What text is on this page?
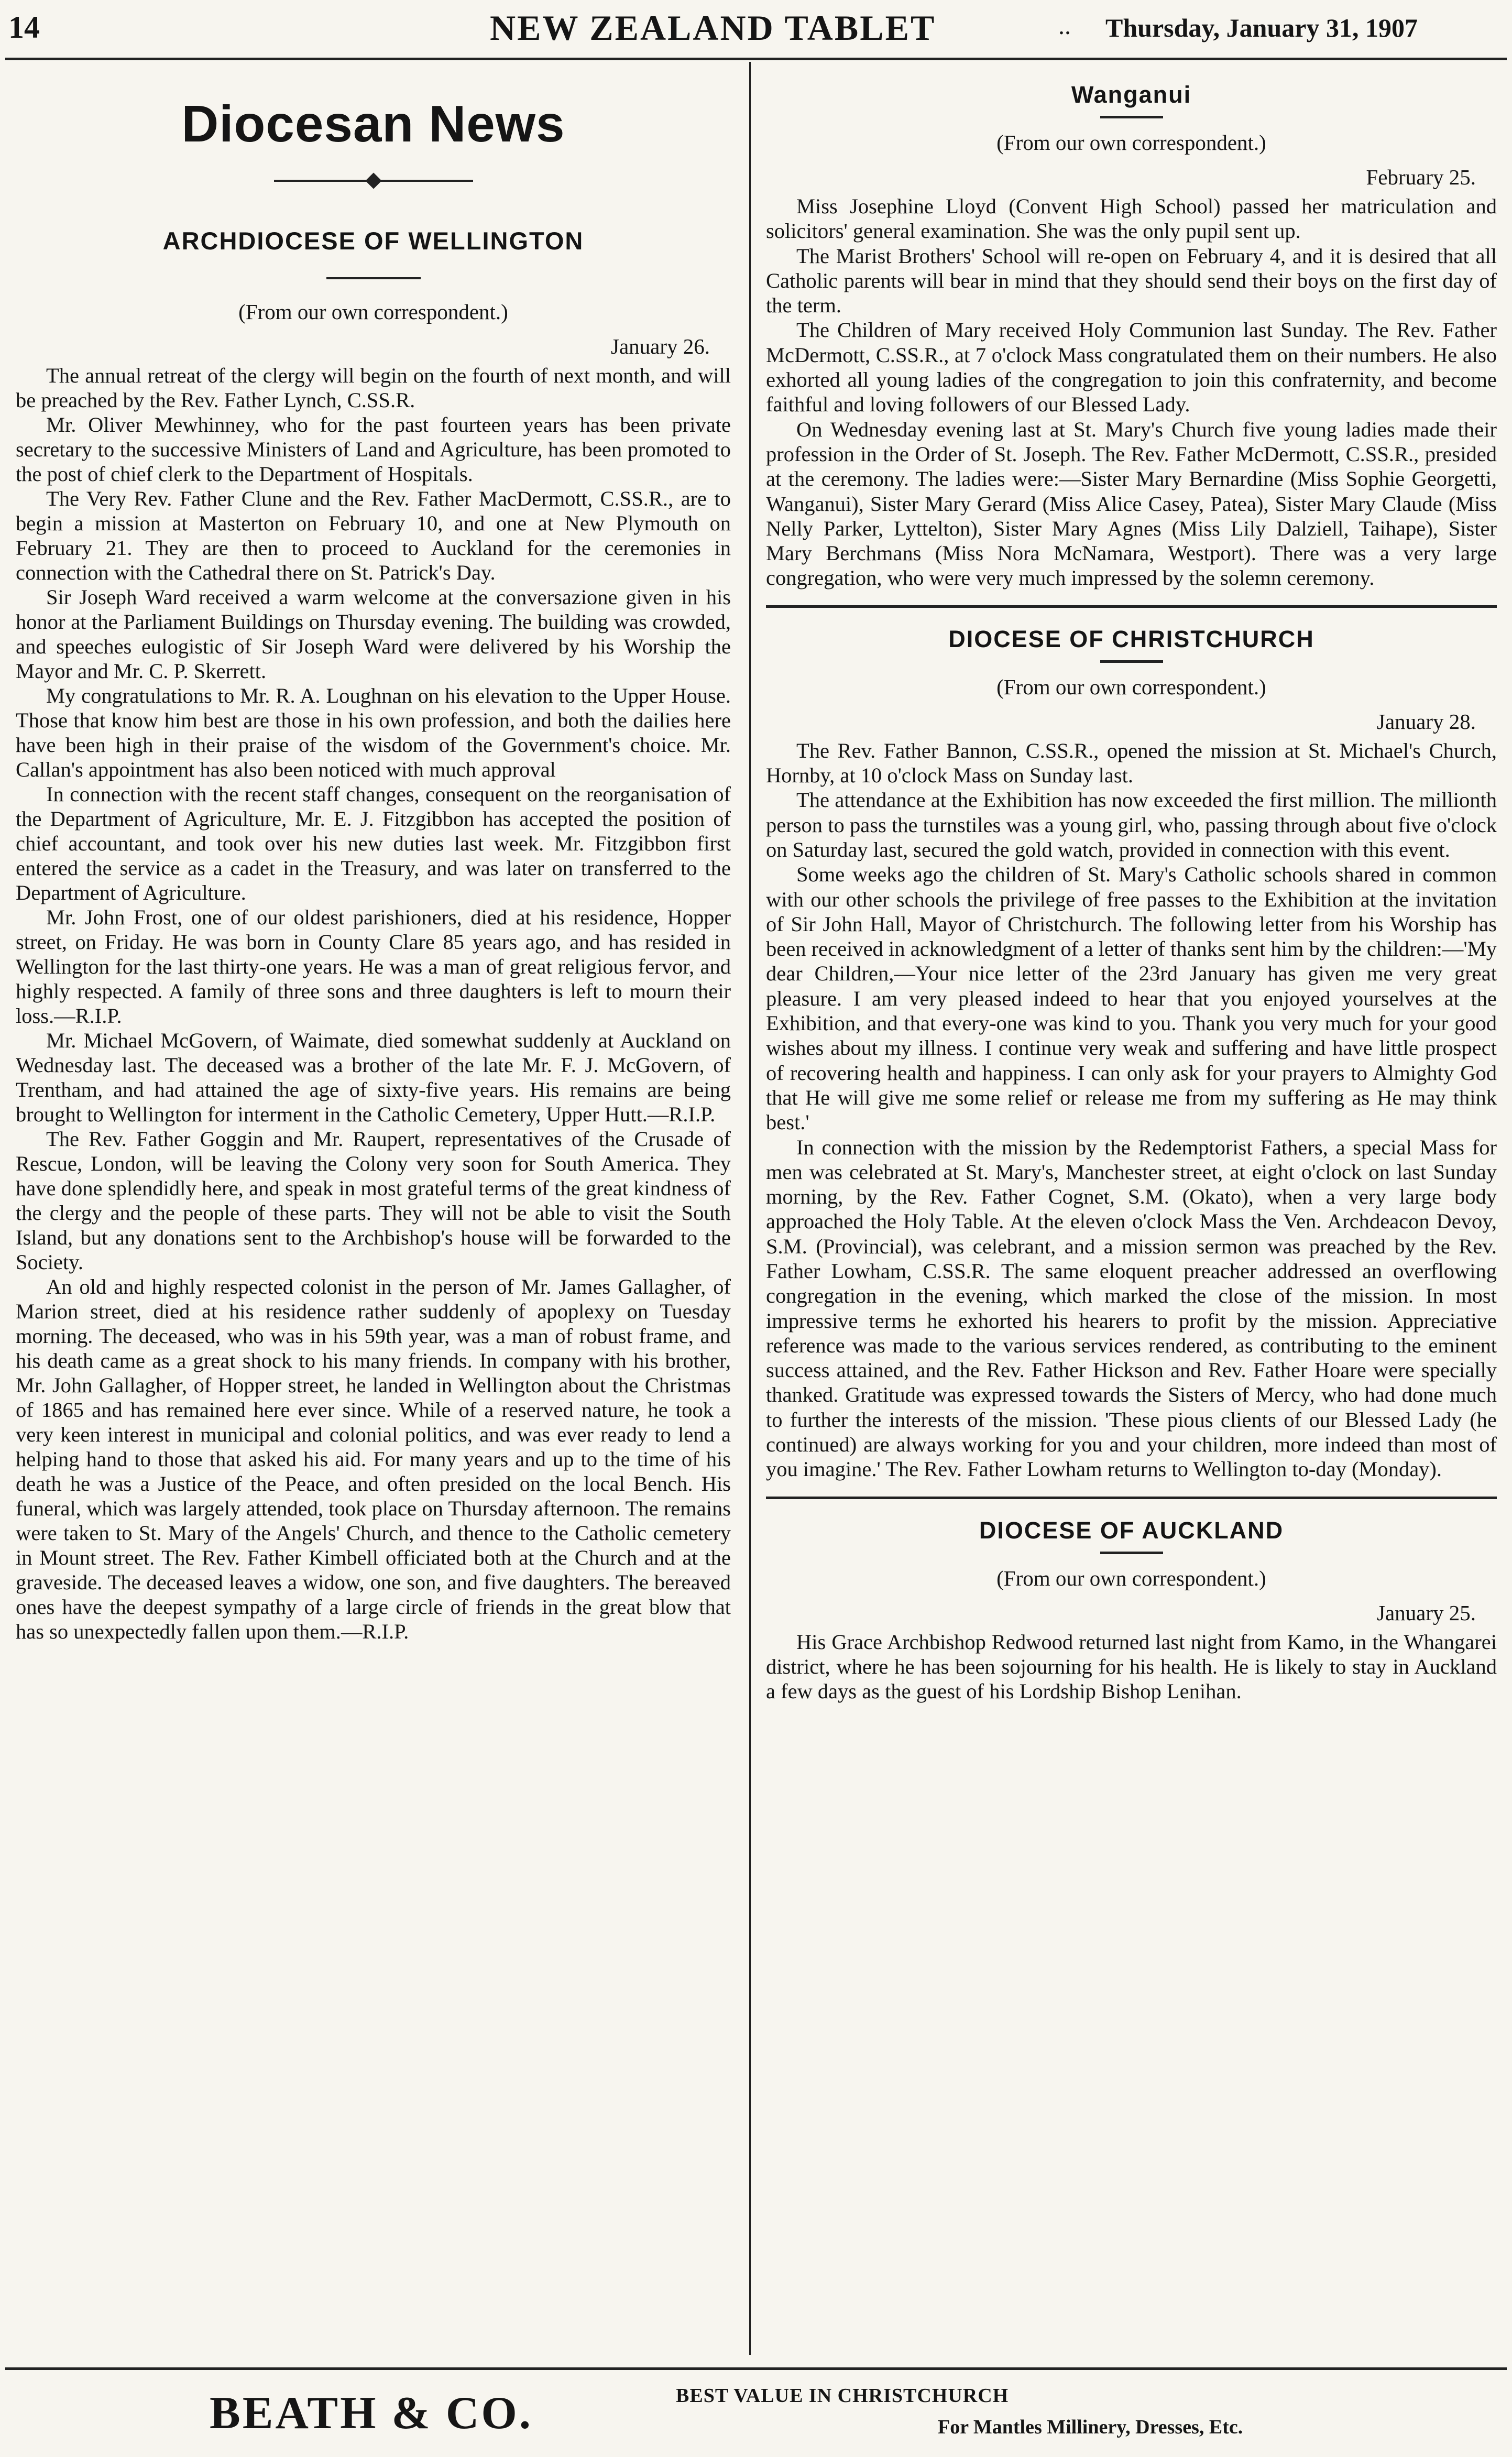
14	NEW ZEALAND TABLET	.. Thursday, January 31, 1907
Diocesan News
ARCHDIOCESE OF WELLINGTON
(From our own correspondent.)
January 26.

The annual retreat of the clergy will begin on the fourth of next month, and will be preached by the Rev. Father Lynch, C.SS.R.

Mr. Oliver Mewhinney, who for the past fourteen years has been private secretary to the successive Ministers of Land and Agriculture, has been promoted to the post of chief clerk to the Department of Hospitals.

The Very Rev. Father Clune and the Rev. Father MacDermott, C.SS.R., are to begin a mission at Masterton on February 10, and one at New Plymouth on February 21. They are then to proceed to Auckland for the ceremonies in connection with the Cathedral there on St. Patrick's Day.

Sir Joseph Ward received a warm welcome at the conversazione given in his honor at the Parliament Buildings on Thursday evening. The building was crowded, and speeches eulogistic of Sir Joseph Ward were delivered by his Worship the Mayor and Mr. C. P. Skerrett.

My congratulations to Mr. R. A. Loughnan on his elevation to the Upper House. Those that know him best are those in his own profession, and both the dailies here have been high in their praise of the wisdom of the Government's choice. Mr. Callan's appointment has also been noticed with much approval

In connection with the recent staff changes, consequent on the reorganisation of the Department of Agriculture, Mr. E. J. Fitzgibbon has accepted the position of chief accountant, and took over his new duties last week. Mr. Fitzgibbon first entered the service as a cadet in the Treasury, and was later on transferred to the Department of Agriculture.

Mr. John Frost, one of our oldest parishioners, died at his residence, Hopper street, on Friday. He was born in County Clare 85 years ago, and has resided in Wellington for the last thirty-one years. He was a man of great religious fervor, and highly respected. A family of three sons and three daughters is left to mourn their loss.—R.I.P.

Mr. Michael McGovern, of Waimate, died somewhat suddenly at Auckland on Wednesday last. The deceased was a brother of the late Mr. F. J. McGovern, of Trentham, and had attained the age of sixty-five years. His remains are being brought to Wellington for interment in the Catholic Cemetery, Upper Hutt.—R.I.P.

The Rev. Father Goggin and Mr. Raupert, representatives of the Crusade of Rescue, London, will be leaving the Colony very soon for South America. They have done splendidly here, and speak in most grateful terms of the great kindness of the clergy and the people of these parts. They will not be able to visit the South Island, but any donations sent to the Archbishop's house will be forwarded to the Society.

An old and highly respected colonist in the person of Mr. James Gallagher, of Marion street, died at his residence rather suddenly of apoplexy on Tuesday morning. The deceased, who was in his 59th year, was a man of robust frame, and his death came as a great shock to his many friends. In company with his brother, Mr. John Gallagher, of Hopper street, he landed in Wellington about the Christmas of 1865 and has remained here ever since. While of a reserved nature, he took a very keen interest in municipal and colonial politics, and was ever ready to lend a helping hand to those that asked his aid. For many years and up to the time of his death he was a Justice of the Peace, and often presided on the local Bench. His funeral, which was largely attended, took place on Thursday afternoon. The remains were taken to St. Mary of the Angels' Church, and thence to the Catholic cemetery in Mount street. The Rev. Father Kimbell officiated both at the Church and at the graveside. The deceased leaves a widow, one son, and five daughters. The bereaved ones have the deepest sympathy of a large circle of friends in the great blow that has so unexpectedly fallen upon them.—R.I.P.

Wanganui
(From our own correspondent.)
February 25.

Miss Josephine Lloyd (Convent High School) passed her matriculation and solicitors' general examination. She was the only pupil sent up.

The Marist Brothers' School will re-open on February 4, and it is desired that all Catholic parents will bear in mind that they should send their boys on the first day of the term.

The Children of Mary received Holy Communion last Sunday. The Rev. Father McDermott, C.SS.R., at 7 o'clock Mass congratulated them on their numbers. He also exhorted all young ladies of the congregation to join this confraternity, and become faithful and loving followers of our Blessed Lady.

On Wednesday evening last at St. Mary's Church five young ladies made their profession in the Order of St. Joseph. The Rev. Father McDermott, C.SS.R., presided at the ceremony. The ladies were:—Sister Mary Bernardine (Miss Sophie Georgetti, Wanganui), Sister Mary Gerard (Miss Alice Casey, Patea), Sister Mary Claude (Miss Nelly Parker, Lyttelton), Sister Mary Agnes (Miss Lily Dalziell, Taihape), Sister Mary Berchmans (Miss Nora McNamara, Westport). There was a very large congregation, who were very much impressed by the solemn ceremony.

DIOCESE OF CHRISTCHURCH
(From our own correspondent.)
January 28.

The Rev. Father Bannon, C.SS.R., opened the mission at St. Michael's Church, Hornby, at 10 o'clock Mass on Sunday last.

The attendance at the Exhibition has now exceeded the first million. The millionth person to pass the turnstiles was a young girl, who, passing through about five o'clock on Saturday last, secured the gold watch, provided in connection with this event.

Some weeks ago the children of St. Mary's Catholic schools shared in common with our other schools the privilege of free passes to the Exhibition at the invitation of Sir John Hall, Mayor of Christchurch. The following letter from his Worship has been received in acknowledgment of a letter of thanks sent him by the children:—'My dear Children,—Your nice letter of the 23rd January has given me very great pleasure. I am very pleased indeed to hear that you enjoyed yourselves at the Exhibition, and that every-one was kind to you. Thank you very much for your good wishes about my illness. I continue very weak and suffering and have little prospect of recovering health and happiness. I can only ask for your prayers to Almighty God that He will give me some relief or release me from my suffering as He may think best.'

In connection with the mission by the Redemptorist Fathers, a special Mass for men was celebrated at St. Mary's, Manchester street, at eight o'clock on last Sunday morning, by the Rev. Father Cognet, S.M. (Okato), when a very large body approached the Holy Table. At the eleven o'clock Mass the Ven. Archdeacon Devoy, S.M. (Provincial), was celebrant, and a mission sermon was preached by the Rev. Father Lowham, C.SS.R. The same eloquent preacher addressed an overflowing congregation in the evening, which marked the close of the mission. In most impressive terms he exhorted his hearers to profit by the mission. Appreciative reference was made to the various services rendered, as contributing to the eminent success attained, and the Rev. Father Hickson and Rev. Father Hoare were specially thanked. Gratitude was expressed towards the Sisters of Mercy, who had done much to further the interests of the mission. 'These pious clients of our Blessed Lady (he continued) are always working for you and your children, more indeed than most of you imagine.' The Rev. Father Lowham returns to Wellington to-day (Monday).

DIOCESE OF AUCKLAND
(From our own correspondent.)
January 25.

His Grace Archbishop Redwood returned last night from Kamo, in the Whangarei district, where he has been sojourning for his health. He is likely to stay in Auckland a few days as the guest of his Lordship Bishop Lenihan.

BEATH & CO.	BEST VALUE IN CHRISTCHURCH
For Mantles Millinery, Dresses, Etc.
